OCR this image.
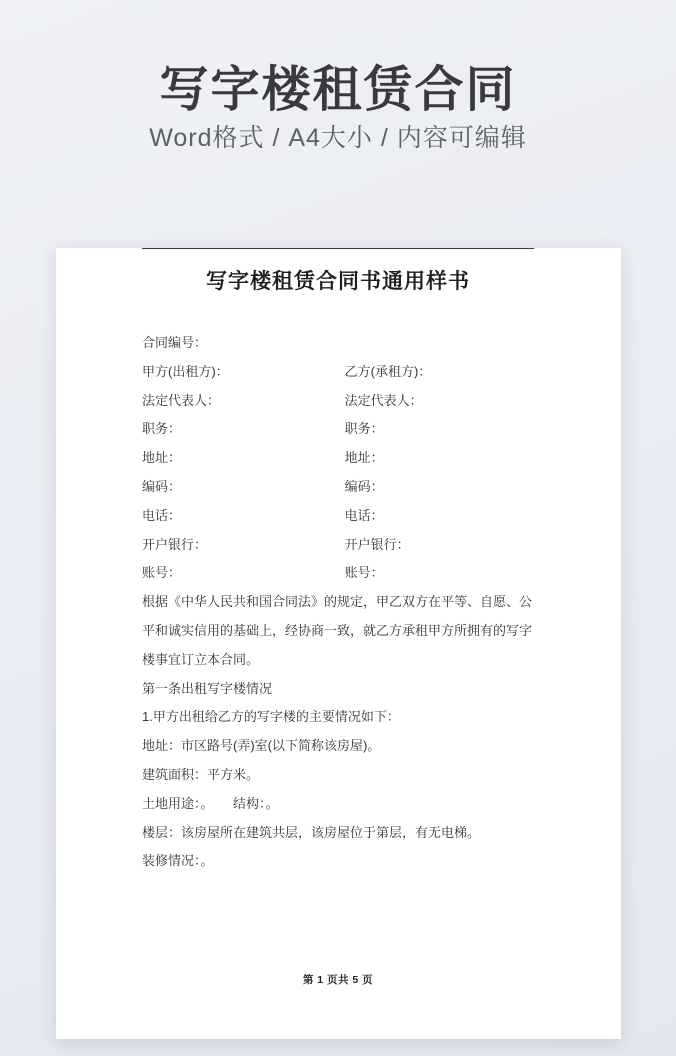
写字楼租赁合同
Word格式 / A4大小 / 内容可编辑
写字楼租赁合同书通用样书
合同编号：
甲方(出租方)：	乙方(承租方)：
法定代表人：	法定代表人：
职务：	职务：
地址：	地址：
编码：	编码：
电话：	电话：
开户银行：	开户银行：
账号：	账号：

根据《中华人民共和国合同法》的规定，甲乙双方在平等、自愿、公平和诚实信用的基础上，经协商一致，就乙方承租甲方所拥有的写字楼事宜订立本合同。

第一条出租写字楼情况
1.甲方出租给乙方的写字楼的主要情况如下：
地址：市区路号(弄)室(以下简称该房屋)。
建筑面积：平方米。
土地用途：。　　结构：。
楼层：该房屋所在建筑共层，该房屋位于第层，有无电梯。
装修情况：。
第 1 页共 5 页
